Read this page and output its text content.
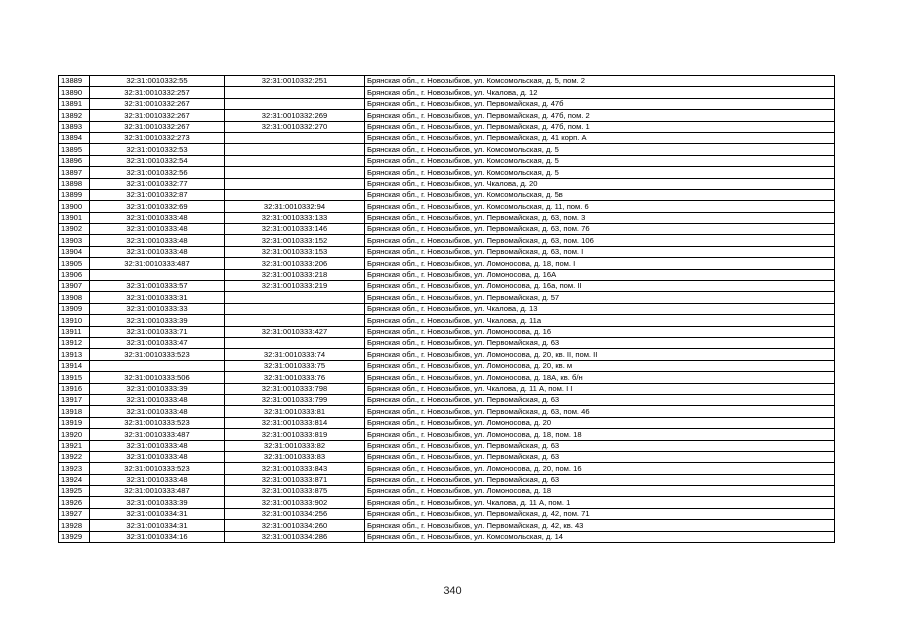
13889	32:31:0010332:55	32:31:0010332:251	Брянская обл., г. Новозыбков, ул. Комсомольская, д. 5, пом. 2
13890	32:31:0010332:257		Брянская обл., г. Новозыбков, ул. Чкалова, д. 12
13891	32:31:0010332:267		Брянская обл., г. Новозыбков, ул. Первомайская, д. 47б
13892	32:31:0010332:267	32:31:0010332:269	Брянская обл., г. Новозыбков, ул. Первомайская, д. 47б, пом. 2
13893	32:31:0010332:267	32:31:0010332:270	Брянская обл., г. Новозыбков, ул. Первомайская, д. 47б, пом. 1
13894	32:31:0010332:273		Брянская обл., г. Новозыбков, ул. Первомайская, д. 41 корп. А
13895	32:31:0010332:53		Брянская обл., г. Новозыбков, ул. Комсомольская, д. 5
13896	32:31:0010332:54		Брянская обл., г. Новозыбков, ул. Комсомольская, д. 5
13897	32:31:0010332:56		Брянская обл., г. Новозыбков, ул. Комсомольская, д. 5
13898	32:31:0010332:77		Брянская обл., г. Новозыбков, ул. Чкалова, д. 20
13899	32:31:0010332:87		Брянская обл., г. Новозыбков, ул. Комсомольская, д. 5в
13900	32:31:0010332:69	32:31:0010332:94	Брянская обл., г. Новозыбков, ул. Комсомольская, д. 11, пом. 6
13901	32:31:0010333:48	32:31:0010333:133	Брянская обл., г. Новозыбков, ул. Первомайская, д. 63, пом. 3
13902	32:31:0010333:48	32:31:0010333:146	Брянская обл., г. Новозыбков, ул. Первомайская, д. 63, пом. 76
13903	32:31:0010333:48	32:31:0010333:152	Брянская обл., г. Новозыбков, ул. Первомайская, д. 63, пом. 106
13904	32:31:0010333:48	32:31:0010333:153	Брянская обл., г. Новозыбков, ул. Первомайская, д. 63, пом. I
13905	32:31:0010333:487	32:31:0010333:206	Брянская обл., г. Новозыбков, ул. Ломоносова, д. 18, пом. I
13906		32:31:0010333:218	Брянская обл., г. Новозыбков, ул. Ломоносова, д. 16А
13907	32:31:0010333:57	32:31:0010333:219	Брянская обл., г. Новозыбков, ул. Ломоносова, д. 16а, пом. II
13908	32:31:0010333:31		Брянская обл., г. Новозыбков, ул. Первомайская, д. 57
13909	32:31:0010333:33		Брянская обл., г. Новозыбков, ул. Чкалова, д. 13
13910	32:31:0010333:39		Брянская обл., г. Новозыбков, ул. Чкалова, д. 11а
13911	32:31:0010333:71	32:31:0010333:427	Брянская обл., г. Новозыбков, ул. Ломоносова, д. 16
13912	32:31:0010333:47		Брянская обл., г. Новозыбков, ул. Первомайская, д. 63
13913	32:31:0010333:523	32:31:0010333:74	Брянская обл., г. Новозыбков, ул. Ломоносова, д. 20, кв. II, пом. II
13914		32:31:0010333:75	Брянская обл., г. Новозыбков, ул. Ломоносова, д. 20, кв. м
13915	32:31:0010333:506	32:31:0010333:76	Брянская обл., г. Новозыбков, ул. Ломоносова, д. 18А, кв. б/н
13916	32:31:0010333:39	32:31:0010333:798	Брянская обл., г. Новозыбков, ул. Чкалова, д. 11 А, пом. I I
13917	32:31:0010333:48	32:31:0010333:799	Брянская обл., г. Новозыбков, ул. Первомайская, д. 63
13918	32:31:0010333:48	32:31:0010333:81	Брянская обл., г. Новозыбков, ул. Первомайская, д. 63, пом. 46
13919	32:31:0010333:523	32:31:0010333:814	Брянская обл., г. Новозыбков, ул. Ломоносова, д. 20
13920	32:31:0010333:487	32:31:0010333:819	Брянская обл., г. Новозыбков, ул. Ломоносова, д. 18, пом. 18
13921	32:31:0010333:48	32:31:0010333:82	Брянская обл., г. Новозыбков, ул. Первомайская, д. 63
13922	32:31:0010333:48	32:31:0010333:83	Брянская обл., г. Новозыбков, ул. Первомайская, д. 63
13923	32:31:0010333:523	32:31:0010333:843	Брянская обл., г. Новозыбков, ул. Ломоносова, д. 20, пом. 16
13924	32:31:0010333:48	32:31:0010333:871	Брянская обл., г. Новозыбков, ул. Первомайская, д. 63
13925	32:31:0010333:487	32:31:0010333:875	Брянская обл., г. Новозыбков, ул. Ломоносова, д. 18
13926	32:31:0010333:39	32:31:0010333:902	Брянская обл., г. Новозыбков, ул. Чкалова, д. 11 А, пом. 1
13927	32:31:0010334:31	32:31:0010334:256	Брянская обл., г. Новозыбков, ул. Первомайская, д. 42, пом. 71
13928	32:31:0010334:31	32:31:0010334:260	Брянская обл., г. Новозыбков, ул. Первомайская, д. 42, кв. 43
13929	32:31:0010334:16	32:31:0010334:286	Брянская обл., г. Новозыбков, ул. Комсомольская, д. 14
340
